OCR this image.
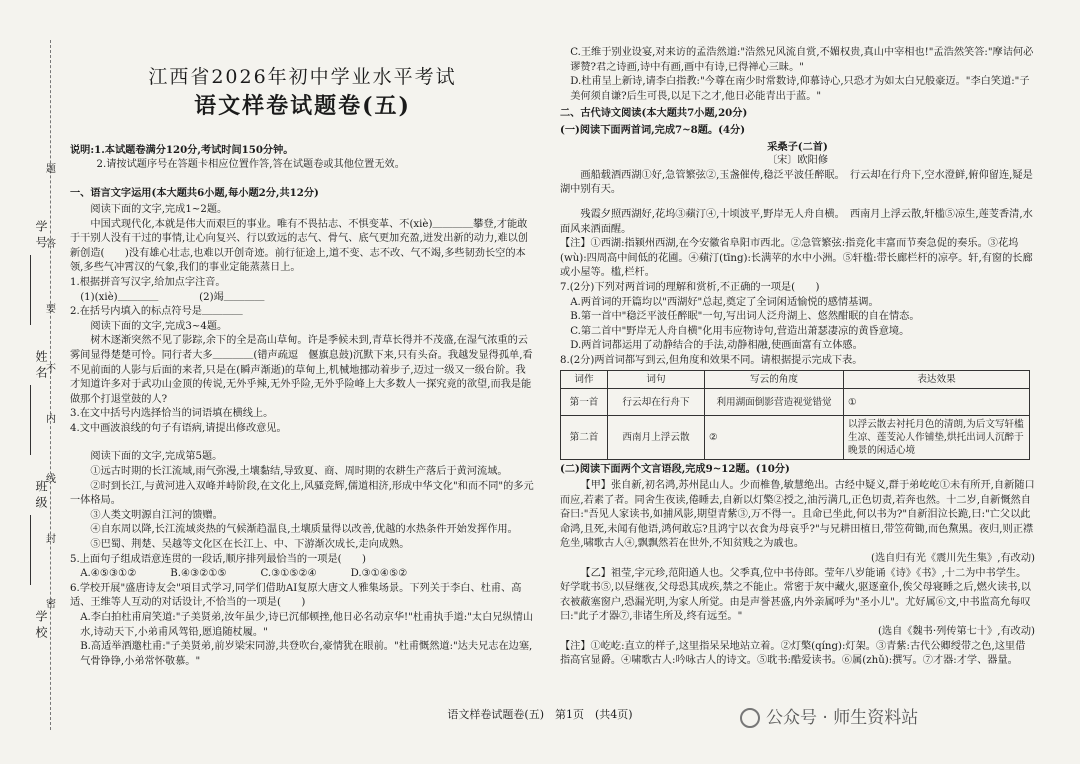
学号
姓名
班级
学校
题
答
要
不
内
线
封
密
江西省2026年初中学业水平考试
语文样卷试题卷(五)

说明:1.本试题卷满分120分,考试时间150分钟。

2.请按试题序号在答题卡相应位置作答,答在试题卷或其他位置无效。

一、语言文字运用(本大题共6小题,每小题2分,共12分)

阅读下面的文字,完成1~2题。

中国式现代化,本就是伟大而艰巨的事业。唯有不畏拈志、不惧变革、不(xiè)＿＿＿＿攀登,才能敢于干别人没有干过的事情,让心向复兴、行以致远的志气、骨气、底气更加充盈,迸发出新的动力,难以创新创造(　　)没有雄心壮志,也难以开创奇迹。前行征途上,道不变、志不改、气不竭,多些韧劲长空的本领,多些气冲霄汉的气象,我们的事业定能蒸蒸日上。

1.根据拼音写汉字,给加点字注音。

(1)(xiè)＿＿＿＿　　　　	(2)竭＿＿＿＿

2.在括号内填入的标点符号是＿＿＿＿

阅读下面的文字,完成3~4题。

树木逐渐突然不见了影踪,余下的全是高山草甸。许是季候未到,青草长得并不茂盛,在湿气浓重的云雾间显得楚楚可怜。同行者大多＿＿＿＿(错声疏逗　偃旗息鼓)沉默下来,只有头奋。我越发显得孤单,看不见前面的人影与后面的来者,只是在(瞬声渐逝)的草甸上,机械地挪动着步子,迈过一级又一级台阶。我才知道许多对于武功山金顶的传说,无外乎辣,无外乎险,无外乎险峰上大多数人一探究竟的欲望,而我是能做那个打退堂鼓的人?

3.在文中括号内选择恰当的词语填在横线上。

4.文中画波浪线的句子有语病,请提出修改意见。

阅读下面的文字,完成第5题。

①远古时期的长江流域,雨气弥漫,土壤黏结,导致夏、商、周时期的农耕生产落后于黄河流域。

②时到长江,与黄河进入双峰并峙阶段,在文化上,风骚竞辉,儒道相济,形成中华文化"和而不同"的多元一体格局。

③人类文明源自江河的馈赠。

④自东周以降,长江流域炎热的气候渐趋温良,土壤质量得以改善,优越的水热条件开始发挥作用。

⑤巴蜀、荆楚、吴越等文化区在长江上、中、下游渐次成长,走向成熟。

5.上面句子组成语意连贯的一段话,顺序排列最恰当的一项是(　　)

A.④⑤③①②　　　	B.④③②①⑤　　　	C.③①⑤②④　　　	D.③①④⑤②

6.学校开展"盛唐诗友会"項目式学习,同学们借助AI复原大唐文人雅集场景。下列关于李白、杜甫、高适、王维等人互动的对话设计,不恰当的一项是(　　)

A.李白拍杜甫肩笑道:"子美贤弟,汝年虽少,诗已沉郁顿挫,他日必名动京华!"杜甫执手道:"太白兄纵情山水,诗动天下,小弟甫风驾铅,愿追随杖履。"

B.高适举酒邀杜甫:"子美贤弟,前岁梁宋同游,共登吹台,豪情犹在眼前。"杜甫慨然道:"达夫兄志在边塞,气骨铮铮,小弟常怀敬慕。"

C.王维于别业设宴,对来访的孟浩然道:"浩然兄风流自赏,不媚权贵,真山中宰相也!"孟浩然笑答:"摩诘何必谬赞?君之诗画,诗中有画,画中有诗,已得禅心三昧。"

D.杜甫呈上新诗,请李白指教:"今尊在南少时常数诗,仰慕诗心,只恐才为如太白兄般豪迈。"李白笑道:"子美何须自谦?后生可畏,以足下之才,他日必能青出于蓝。"

二、古代诗文阅读(本大题共7小题,20分)

(一)阅读下面两首词,完成7~8题。(4分)

采桑子(二首)

〔宋〕欧阳修

画船载酒西湖①好,急管繁弦②,玉盏催传,稳泛平波任醉眠。　行云却在行舟下,空水澄鲜,俯仰留连,疑是湖中别有天。

残霞夕照西湖好,花坞③蘋汀④,十顷波平,野岸无人舟自横。　西南月上浮云散,轩槛⑤凉生,莲芰香清,水面风来酒面醒。

【注】①西湖:指颍州西湖,在今安徽省阜阳市西北。②急管繁弦:指竞化丰富而节奏急促的奏乐。③花坞(wù):四周高中间低的花圃。④蘋汀(tīng):长满苹的水中小洲。⑤轩槛:带长廊栏杆的凉亭。轩,有窗的长廊或小屋等。槛,栏杆。

7.(2分)下列对两首词的理解和赏析,不正确的一项是(　　)

A.两首词的开篇均以"西湖好"总起,奠定了全词闲适愉悦的感情基调。

B.第一首中"稳泛平波任醉眠"一句,写出词人泛舟湖上、悠然酣眠的自在情态。

C.第二首中"野岸无人舟自横"化用韦应物诗句,营造出萧瑟凄凉的黄昏意境。

D.两首词都运用了动静结合的手法,动静相融,使画面富有立体感。

8.(2分)两首词都写到云,但角度和效果不同。请根据提示完成下表。

词作	词句	写云的角度	表达效果
第一首	行云却在行舟下	利用湖面倒影营造视觉错觉	①
第二首	西南月上浮云散	②	以浮云散去衬托月色的清朗,为后文写轩槛生凉、莲芰沁人作铺垫,烘托出词人沉醉于晚景的闲适心境

(二)阅读下面两个文言语段,完成9~12题。(10分)

【甲】张自新,初名鸿,苏州昆山人。少而椎鲁,敏慧绝出。古经中疑义,群于弟屹屹①未有所开,自新随口而应,若素了者。同舍生夜读,倦睡去,自新以灯檠②授之,油污满几,正色切责,若奔也然。十二岁,自新慨然自奋曰:"吾见人家读书,如捕风影,期望青紫③,万不得一。且命已坐此,何以书为?"自新泪泣长跪,曰:"亡父以此命鸿,且死,未闻有他语,鸿何敢忘?且鸿宁以衣食为母哀乎?"与兄耕田植日,带笠荷锄,而色黧黑。夜归,则正襟危坐,啸歌古人④,飘飘然若在世外,不知贫贱之为戚也。

(选自归有光《震川先生集》,有改动)

【乙】祖莹,字元珍,范阳遒人也。父季真,位中书侍郎。莹年八岁能诵《诗》《书》,十二为中书学生。好学耽书⑤,以昼继夜,父母恐其成疾,禁之不能止。常密于灰中藏火,驱逐童仆,俟父母寝睡之后,燃火读书,以衣被蔽塞窗户,恐漏光明,为家人所觉。由是声誉甚盛,内外亲属呼为"圣小儿"。尤好属⑥文,中书监高允每叹曰:"此子才器⑦,非诸生所及,终有远至。"

(选自《魏书·列传第七十》,有改动)

【注】①屹屹:直立的样子,这里指呆呆地站立着。②灯檠(qíng):灯架。③青紫:古代公卿绶带之色,这里借指高官显爵。④啸歌古人:吟咏古人的诗文。⑤耽书:酷爱读书。⑥属(zhǔ):撰写。⑦才器:才学、器量。

语文样卷试题卷(五)　第1页　(共4页)	公众号 · 师生资料站
